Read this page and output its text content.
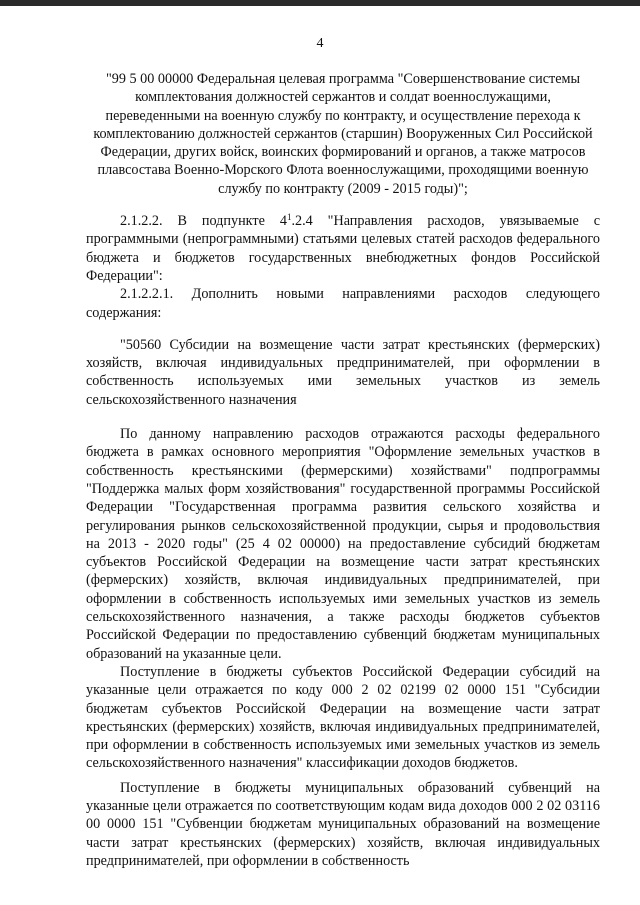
4
"99 5 00 00000 Федеральная целевая программа "Совершенствование системы комплектования должностей сержантов и солдат военнослужащими, переведенными на военную службу по контракту, и осуществление перехода к комплектованию должностей сержантов (старшин) Вооруженных Сил Российской Федерации, других войск, воинских формирований и органов, а также матросов плавсостава Военно-Морского Флота военнослужащими, проходящими военную службу по контракту (2009 - 2015 годы)";

2.1.2.2. В подпункте $4^1.2.4$ "Направления расходов, увязываемые с программными (непрограммными) статьями целевых статей расходов федерального бюджета и бюджетов государственных внебюджетных фондов Российской Федерации":

2.1.2.2.1. Дополнить новыми направлениями расходов следующего содержания:

"50560 Субсидии на возмещение части затрат крестьянских (фермерских) хозяйств, включая индивидуальных предпринимателей, при оформлении в собственность используемых ими земельных участков из земель сельскохозяйственного назначения

По данному направлению расходов отражаются расходы федерального бюджета в рамках основного мероприятия "Оформление земельных участков в собственность крестьянскими (фермерскими) хозяйствами" подпрограммы "Поддержка малых форм хозяйствования" государственной программы Российской Федерации "Государственная программа развития сельского хозяйства и регулирования рынков сельскохозяйственной продукции, сырья и продовольствия на 2013 - 2020 годы" (25 4 02 00000) на предоставление субсидий бюджетам субъектов Российской Федерации на возмещение части затрат крестьянских (фермерских) хозяйств, включая индивидуальных предпринимателей, при оформлении в собственность используемых ими земельных участков из земель сельскохозяйственного назначения, а также расходы бюджетов субъектов Российской Федерации по предоставлению субвенций бюджетам муниципальных образований на указанные цели.

Поступление в бюджеты субъектов Российской Федерации субсидий на указанные цели отражается по коду 000 2 02 02199 02 0000 151 "Субсидии бюджетам субъектов Российской Федерации на возмещение части затрат крестьянских (фермерских) хозяйств, включая индивидуальных предпринимателей, при оформлении в собственность используемых ими земельных участков из земель сельскохозяйственного назначения" классификации доходов бюджетов.

Поступление в бюджеты муниципальных образований субвенций на указанные цели отражается по соответствующим кодам вида доходов 000 2 02 03116 00 0000 151 "Субвенции бюджетам муниципальных образований на возмещение части затрат крестьянских (фермерских) хозяйств, включая индивидуальных предпринимателей, при оформлении в собственность
